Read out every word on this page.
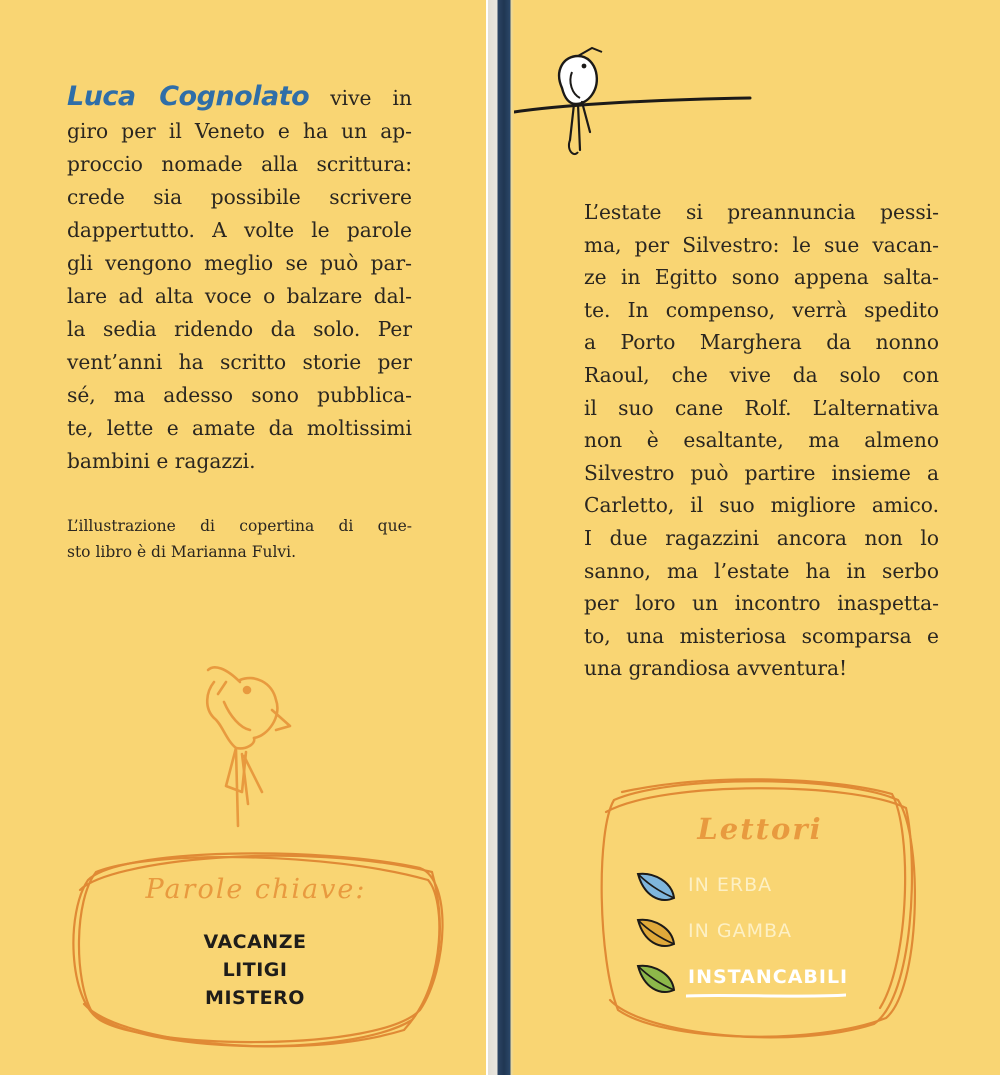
Luca Cognolato vive in
giro per il Veneto e ha un ap-
proccio nomade alla scrittura:
crede sia possibile scrivere
dappertutto. A volte le parole
gli vengono meglio se può par-
lare ad alta voce o balzare dal-
la sedia ridendo da solo. Per
vent’anni ha scritto storie per
sé, ma adesso sono pubblica-
te, lette e amate da moltissimi
bambini e ragazzi.
L’illustrazione di copertina di que-
sto libro è di Marianna Fulvi.
Parole chiave:
VACANZE
LITIGI
MISTERO
L’estate si preannuncia pessi-
ma, per Silvestro: le sue vacan-
ze in Egitto sono appena salta-
te. In compenso, verrà spedito
a Porto Marghera da nonno
Raoul, che vive da solo con
il suo cane Rolf. L’alternativa
non è esaltante, ma almeno
Silvestro può partire insieme a
Carletto, il suo migliore amico.
I due ragazzini ancora non lo
sanno, ma l’estate ha in serbo
per loro un incontro inaspetta-
to, una misteriosa scomparsa e
una grandiosa avventura!
Lettori
IN ERBA
IN GAMBA
INSTANCABILI
